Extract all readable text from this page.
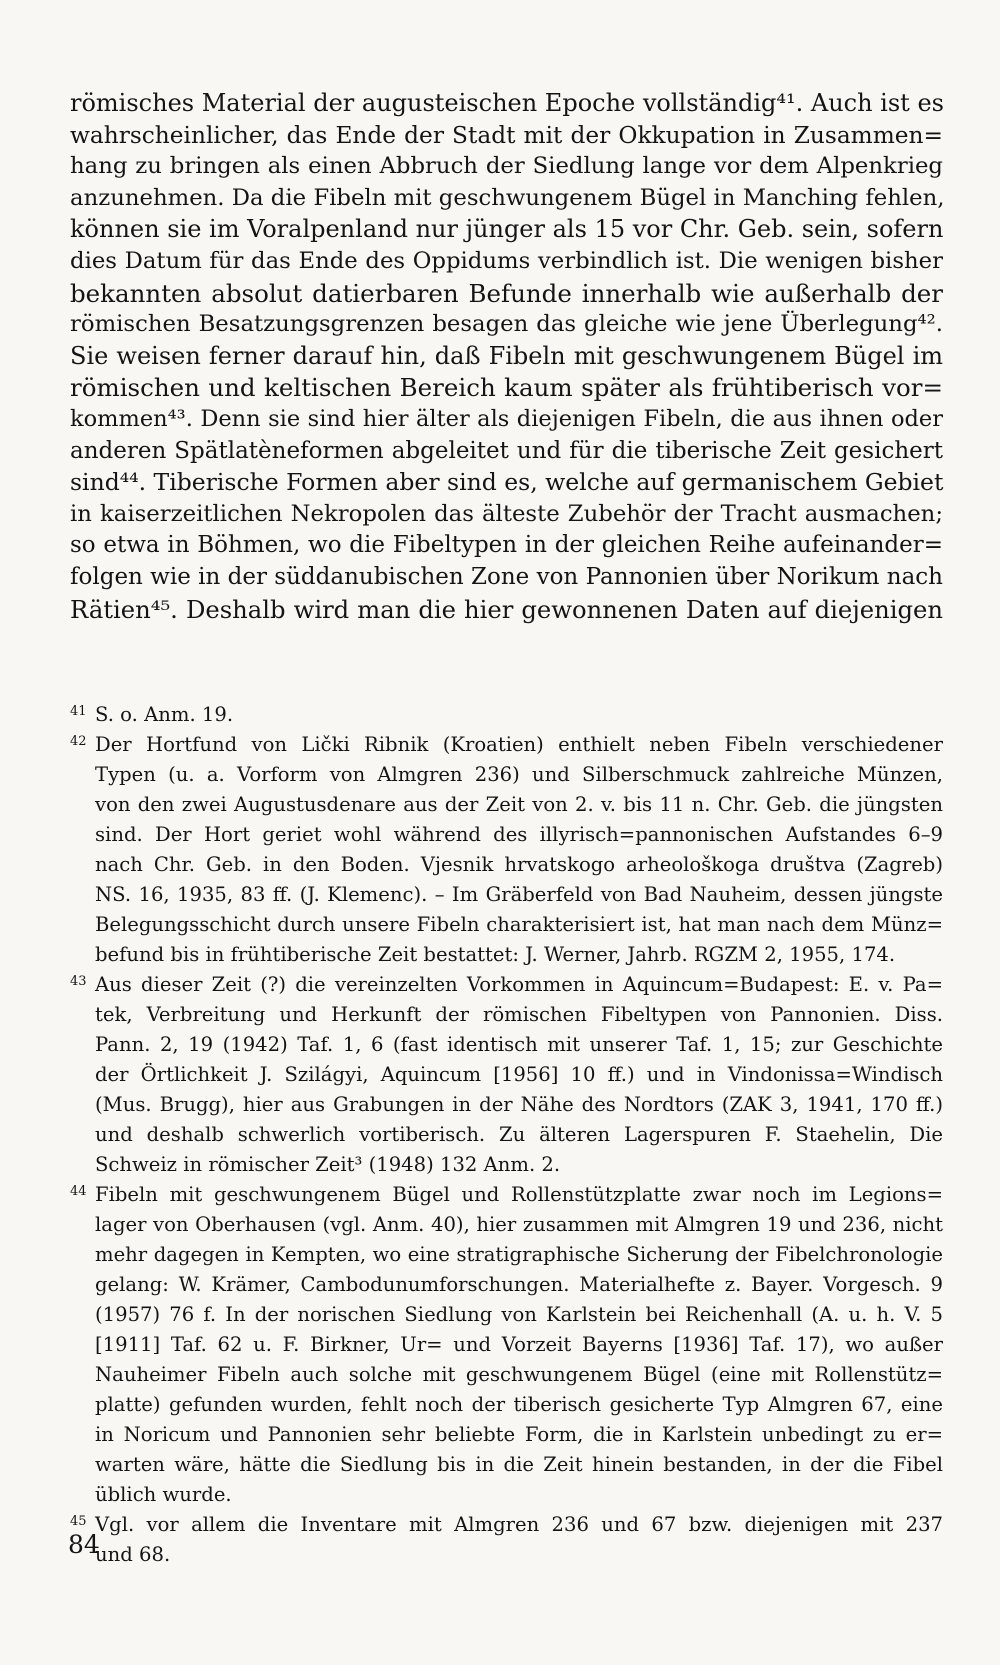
römisches Material der augusteischen Epoche vollständig⁴¹. Auch ist es
wahrscheinlicher, das Ende der Stadt mit der Okkupation in Zusammen=
hang zu bringen als einen Abbruch der Siedlung lange vor dem Alpenkrieg
anzunehmen. Da die Fibeln mit geschwungenem Bügel in Manching fehlen,
können sie im Voralpenland nur jünger als 15 vor Chr. Geb. sein, sofern
dies Datum für das Ende des Oppidums verbindlich ist. Die wenigen bisher
bekannten absolut datierbaren Befunde innerhalb wie außerhalb der
römischen Besatzungsgrenzen besagen das gleiche wie jene Überlegung⁴².
Sie weisen ferner darauf hin, daß Fibeln mit geschwungenem Bügel im
römischen und keltischen Bereich kaum später als frühtiberisch vor=
kommen⁴³. Denn sie sind hier älter als diejenigen Fibeln, die aus ihnen oder
anderen Spätlatèneformen abgeleitet und für die tiberische Zeit gesichert
sind⁴⁴. Tiberische Formen aber sind es, welche auf germanischem Gebiet
in kaiserzeitlichen Nekropolen das älteste Zubehör der Tracht ausmachen;
so etwa in Böhmen, wo die Fibeltypen in der gleichen Reihe aufeinander=
folgen wie in der süddanubischen Zone von Pannonien über Norikum nach
Rätien⁴⁵. Deshalb wird man die hier gewonnenen Daten auf diejenigen
41 S. o. Anm. 19.
42 Der Hortfund von Lički Ribnik (Kroatien) enthielt neben Fibeln verschiedener
Typen (u. a. Vorform von Almgren 236) und Silberschmuck zahlreiche Münzen,
von den zwei Augustusdenare aus der Zeit von 2. v. bis 11 n. Chr. Geb. die jüngsten
sind. Der Hort geriet wohl während des illyrisch=pannonischen Aufstandes 6–9
nach Chr. Geb. in den Boden. Vjesnik hrvatskogo arheološkoga društva (Zagreb)
NS. 16, 1935, 83 ff. (J. Klemenc). – Im Gräberfeld von Bad Nauheim, dessen jüngste
Belegungsschicht durch unsere Fibeln charakterisiert ist, hat man nach dem Münz=
befund bis in frühtiberische Zeit bestattet: J. Werner, Jahrb. RGZM 2, 1955, 174.
43 Aus dieser Zeit (?) die vereinzelten Vorkommen in Aquincum=Budapest: E. v. Pa=
tek, Verbreitung und Herkunft der römischen Fibeltypen von Pannonien. Diss.
Pann. 2, 19 (1942) Taf. 1, 6 (fast identisch mit unserer Taf. 1, 15; zur Geschichte
der Örtlichkeit J. Szilágyi, Aquincum [1956] 10 ff.) und in Vindonissa=Windisch
(Mus. Brugg), hier aus Grabungen in der Nähe des Nordtors (ZAK 3, 1941, 170 ff.)
und deshalb schwerlich vortiberisch. Zu älteren Lagerspuren F. Staehelin, Die
Schweiz in römischer Zeit³ (1948) 132 Anm. 2.
44 Fibeln mit geschwungenem Bügel und Rollenstützplatte zwar noch im Legions=
lager von Oberhausen (vgl. Anm. 40), hier zusammen mit Almgren 19 und 236, nicht
mehr dagegen in Kempten, wo eine stratigraphische Sicherung der Fibelchronologie
gelang: W. Krämer, Cambodunumforschungen. Materialhefte z. Bayer. Vorgesch. 9
(1957) 76 f. In der norischen Siedlung von Karlstein bei Reichenhall (A. u. h. V. 5
[1911] Taf. 62 u. F. Birkner, Ur= und Vorzeit Bayerns [1936] Taf. 17), wo außer
Nauheimer Fibeln auch solche mit geschwungenem Bügel (eine mit Rollenstütz=
platte) gefunden wurden, fehlt noch der tiberisch gesicherte Typ Almgren 67, eine
in Noricum und Pannonien sehr beliebte Form, die in Karlstein unbedingt zu er=
warten wäre, hätte die Siedlung bis in die Zeit hinein bestanden, in der die Fibel
üblich wurde.
45 Vgl. vor allem die Inventare mit Almgren 236 und 67 bzw. diejenigen mit 237
und 68.
84
